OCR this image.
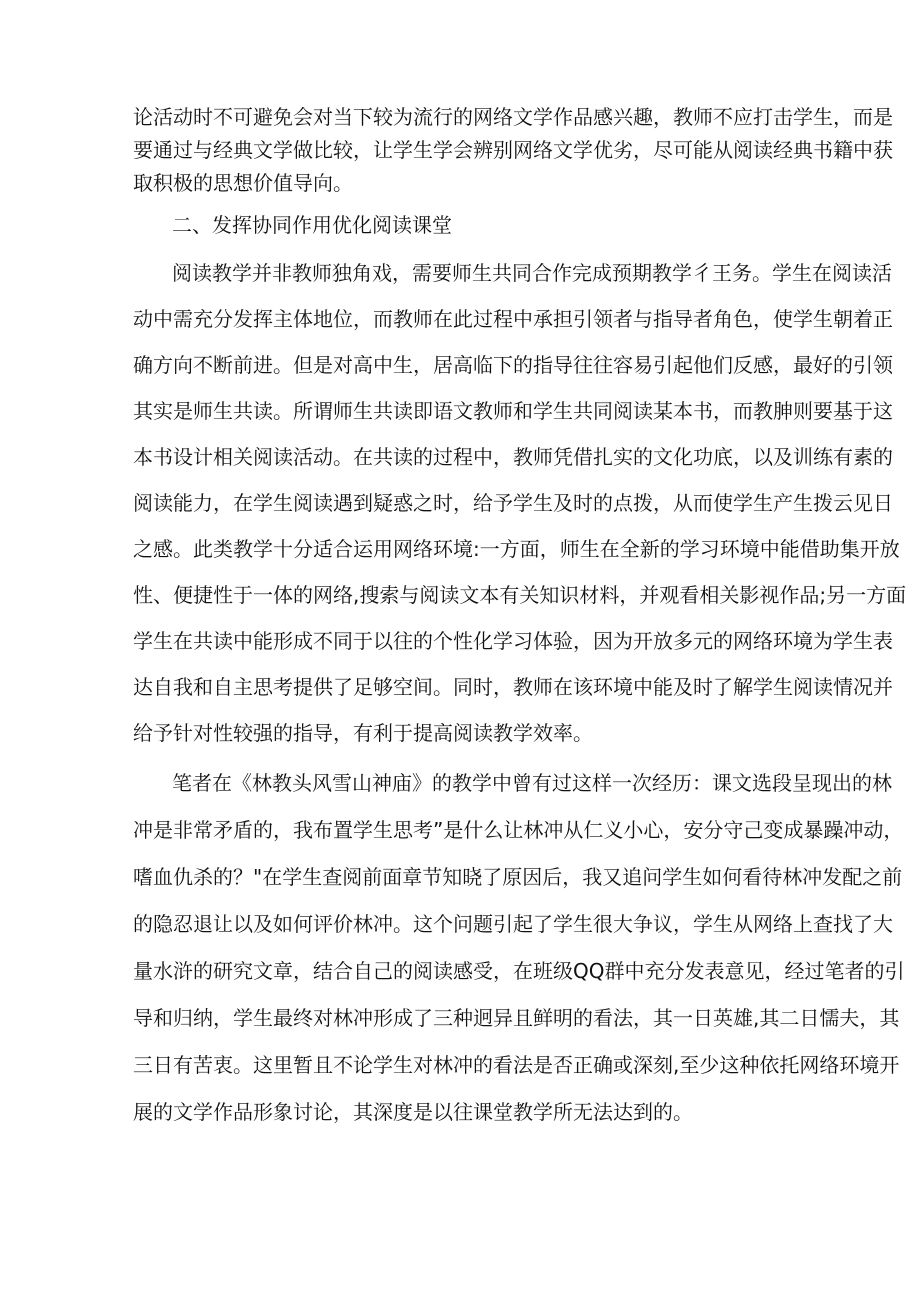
论活动时不可避免会对当下较为流行的网络文学作品感兴趣，教师不应打击学生，而是
要通过与经典文学做比较，让学生学会辨别网络文学优劣，尽可能从阅读经典书籍中获
取积极的思想价值导向。
二、发挥协同作用优化阅读课堂
阅读教学并非教师独角戏，需要师生共同合作完成预期教学彳王务。学生在阅读活
动中需充分发挥主体地位，而教师在此过程中承担引领者与指导者角色，使学生朝着正
确方向不断前进。但是对高中生，居高临下的指导往往容易引起他们反感，最好的引领
其实是师生共读。所谓师生共读即语文教师和学生共同阅读某本书，而教胂则要基于这
本书设计相关阅读活动。在共读的过程中，教师凭借扎实的文化功底，以及训练有素的
阅读能力，在学生阅读遇到疑惑之时，给予学生及时的点拨，从而使学生产生拨云见日
之感。此类教学十分适合运用网络环境:一方面，师生在全新的学习环境中能借助集开放
性、便捷性于一体的网络,搜索与阅读文本有关知识材料，并观看相关影视作品;另一方面
学生在共读中能形成不同于以往的个性化学习体验，因为开放多元的网络环境为学生表
达自我和自主思考提供了足够空间。同时，教师在该环境中能及时了解学生阅读情况并
给予针对性较强的指导，有利于提高阅读教学效率。
笔者在《林教头风雪山神庙》的教学中曾有过这样一次经历：课文选段呈现出的林
冲是非常矛盾的，我布置学生思考”是什么让林冲从仁义小心，安分守己变成暴躁冲动，
嗜血仇杀的？"在学生查阅前面章节知晓了原因后，我又追问学生如何看待林冲发配之前
的隐忍退让以及如何评价林冲。这个问题引起了学生很大争议，学生从网络上查找了大
量水浒的研究文章，结合自己的阅读感受，在班级QQ群中充分发表意见，经过笔者的引
导和归纳，学生最终对林冲形成了三种迥异且鲜明的看法，其一日英雄,其二日懦夫，其
三日有苦衷。这里暂且不论学生对林冲的看法是否正确或深刻,至少这种依托网络环境开
展的文学作品形象讨论，其深度是以往课堂教学所无法达到的。
